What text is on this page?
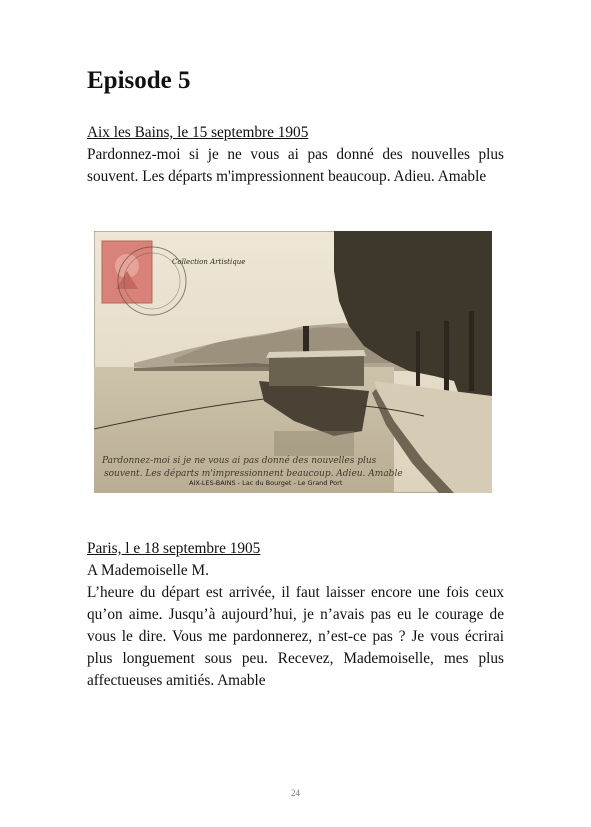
Episode 5
Aix les Bains, le 15 septembre 1905
Pardonnez-moi si je ne vous ai pas donné des nouvelles plus souvent. Les départs m'impressionnent beaucoup. Adieu. Amable
Collection Artistique
Pardonnez-moi si je ne vous ai pas donné des nouvelles plus souvent. Les départs m'impressionnent beaucoup. Adieu. Amable
AIX-LES-BAINS - Lac du Bourget - Le Grand Port
Paris, l e 18 septembre 1905
A Mademoiselle M.
L’heure du départ est arrivée, il faut laisser encore une fois ceux qu’on aime. Jusqu’à aujourd’hui, je n’avais pas eu le courage de vous le dire. Vous me pardonnerez, n’est-ce pas ? Je vous écrirai plus longuement sous peu. Recevez, Mademoiselle, mes plus affectueuses amitiés. Amable
24
